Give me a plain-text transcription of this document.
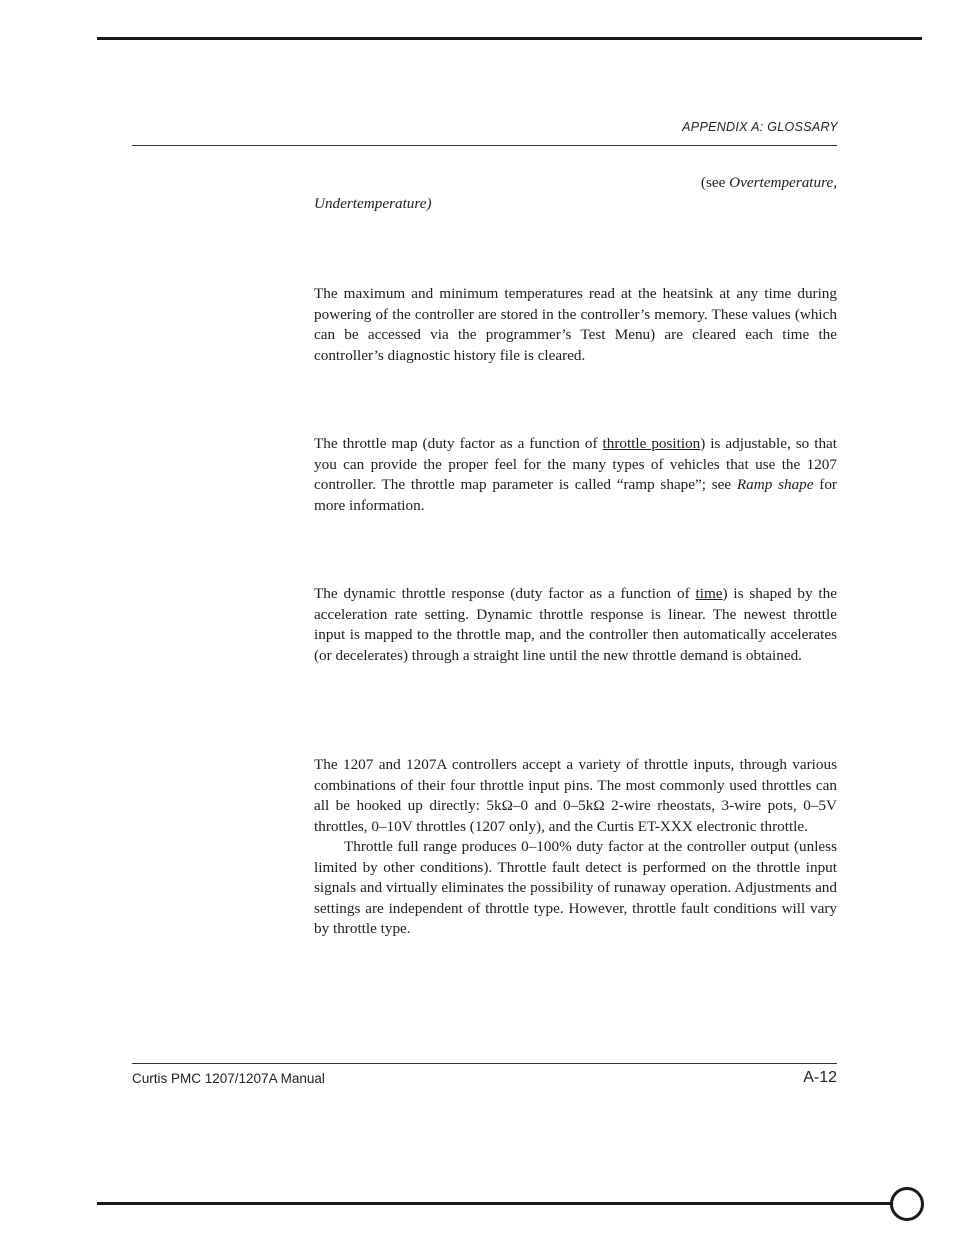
APPENDIX A: GLOSSARY

(see Overtemperature,

Undertemperature)

The maximum and minimum temperatures read at the heatsink at any time during powering of the controller are stored in the controller’s memory. These values (which can be accessed via the programmer’s Test Menu) are cleared each time the controller’s diagnostic history file is cleared.

The throttle map (duty factor as a function of throttle position) is adjustable, so that you can provide the proper feel for the many types of vehicles that use the 1207 controller. The throttle map parameter is called “ramp shape”; see Ramp shape for more information.

The dynamic throttle response (duty factor as a function of time) is shaped by the acceleration rate setting. Dynamic throttle response is linear. The newest throttle input is mapped to the throttle map, and the controller then automatically accelerates (or decelerates) through a straight line until the new throttle demand is obtained.

The 1207 and 1207A controllers accept a variety of throttle inputs, through various combinations of their four throttle input pins. The most commonly used throttles can all be hooked up directly: 5kΩ–0 and 0–5kΩ 2-wire rheostats, 3-wire pots, 0–5V throttles, 0–10V throttles (1207 only), and the Curtis ET-XXX electronic throttle.

Throttle full range produces 0–100% duty factor at the controller output (unless limited by other conditions). Throttle fault detect is performed on the throttle input signals and virtually eliminates the possibility of runaway operation. Adjustments and settings are independent of throttle type. However, throttle fault conditions will vary by throttle type.

Curtis PMC 1207/1207A Manual	A-12
